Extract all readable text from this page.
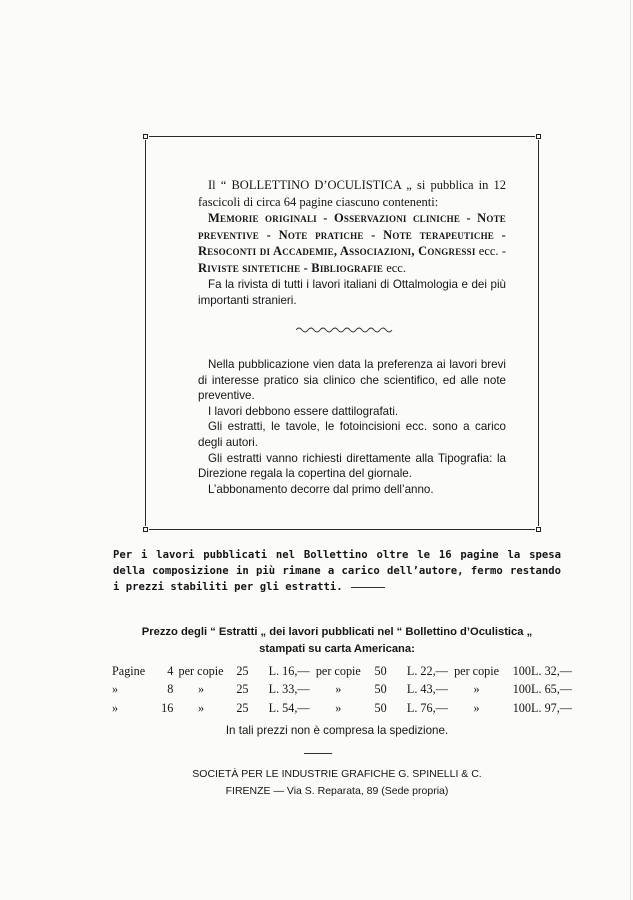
Il “ BOLLETTINO D’OCULISTICA „ si pubblica in 12 fascicoli di circa 64 pagine ciascuno contenenti:

Memorie originali - Osservazioni cliniche - Note preventive - Note pratiche - Note terapeutiche - Resoconti di Accademie, Associazioni, Congressi ecc. - Riviste sintetiche - Bibliografie ecc.

Fa la rivista di tutti i lavori italiani di Ottalmologia e dei più importanti stranieri.

Nella pubblicazione vien data la preferenza ai lavori brevi di interesse pratico sia clinico che scientifico, ed alle note preventive.

I lavori debbono essere dattilografati.

Gli estratti, le tavole, le fotoincisioni ecc. sono a carico degli autori.

Gli estratti vanno richiesti direttamente alla Tipografia: la Direzione regala la copertina del giornale.

L’abbonamento decorre dal primo dell’anno.

Per i lavori pubblicati nel Bollettino oltre le 16 pagine la spesa della composizione in più rimane a carico dell’autore, fermo restando i prezzi stabiliti per gli estratti.
Prezzo degli “ Estratti „ dei lavori pubblicati nel “ Bollettino d’Oculistica „
stampati su carta Americana:
Pagine	4	per copie	25	L. 16,—	per copie	50	L. 22,—	per copie	100	L. 32,—
»	8	»	25	L. 33,—	»	50	L. 43,—	»	100	L. 65,—
»	16	»	25	L. 54,—	»	50	L. 76,—	»	100	L. 97,—
In tali prezzi non è compresa la spedizione.
SOCIETÀ PER LE INDUSTRIE GRAFICHE G. SPINELLI & C.
FIRENZE — Via S. Reparata, 89 (Sede propria)
